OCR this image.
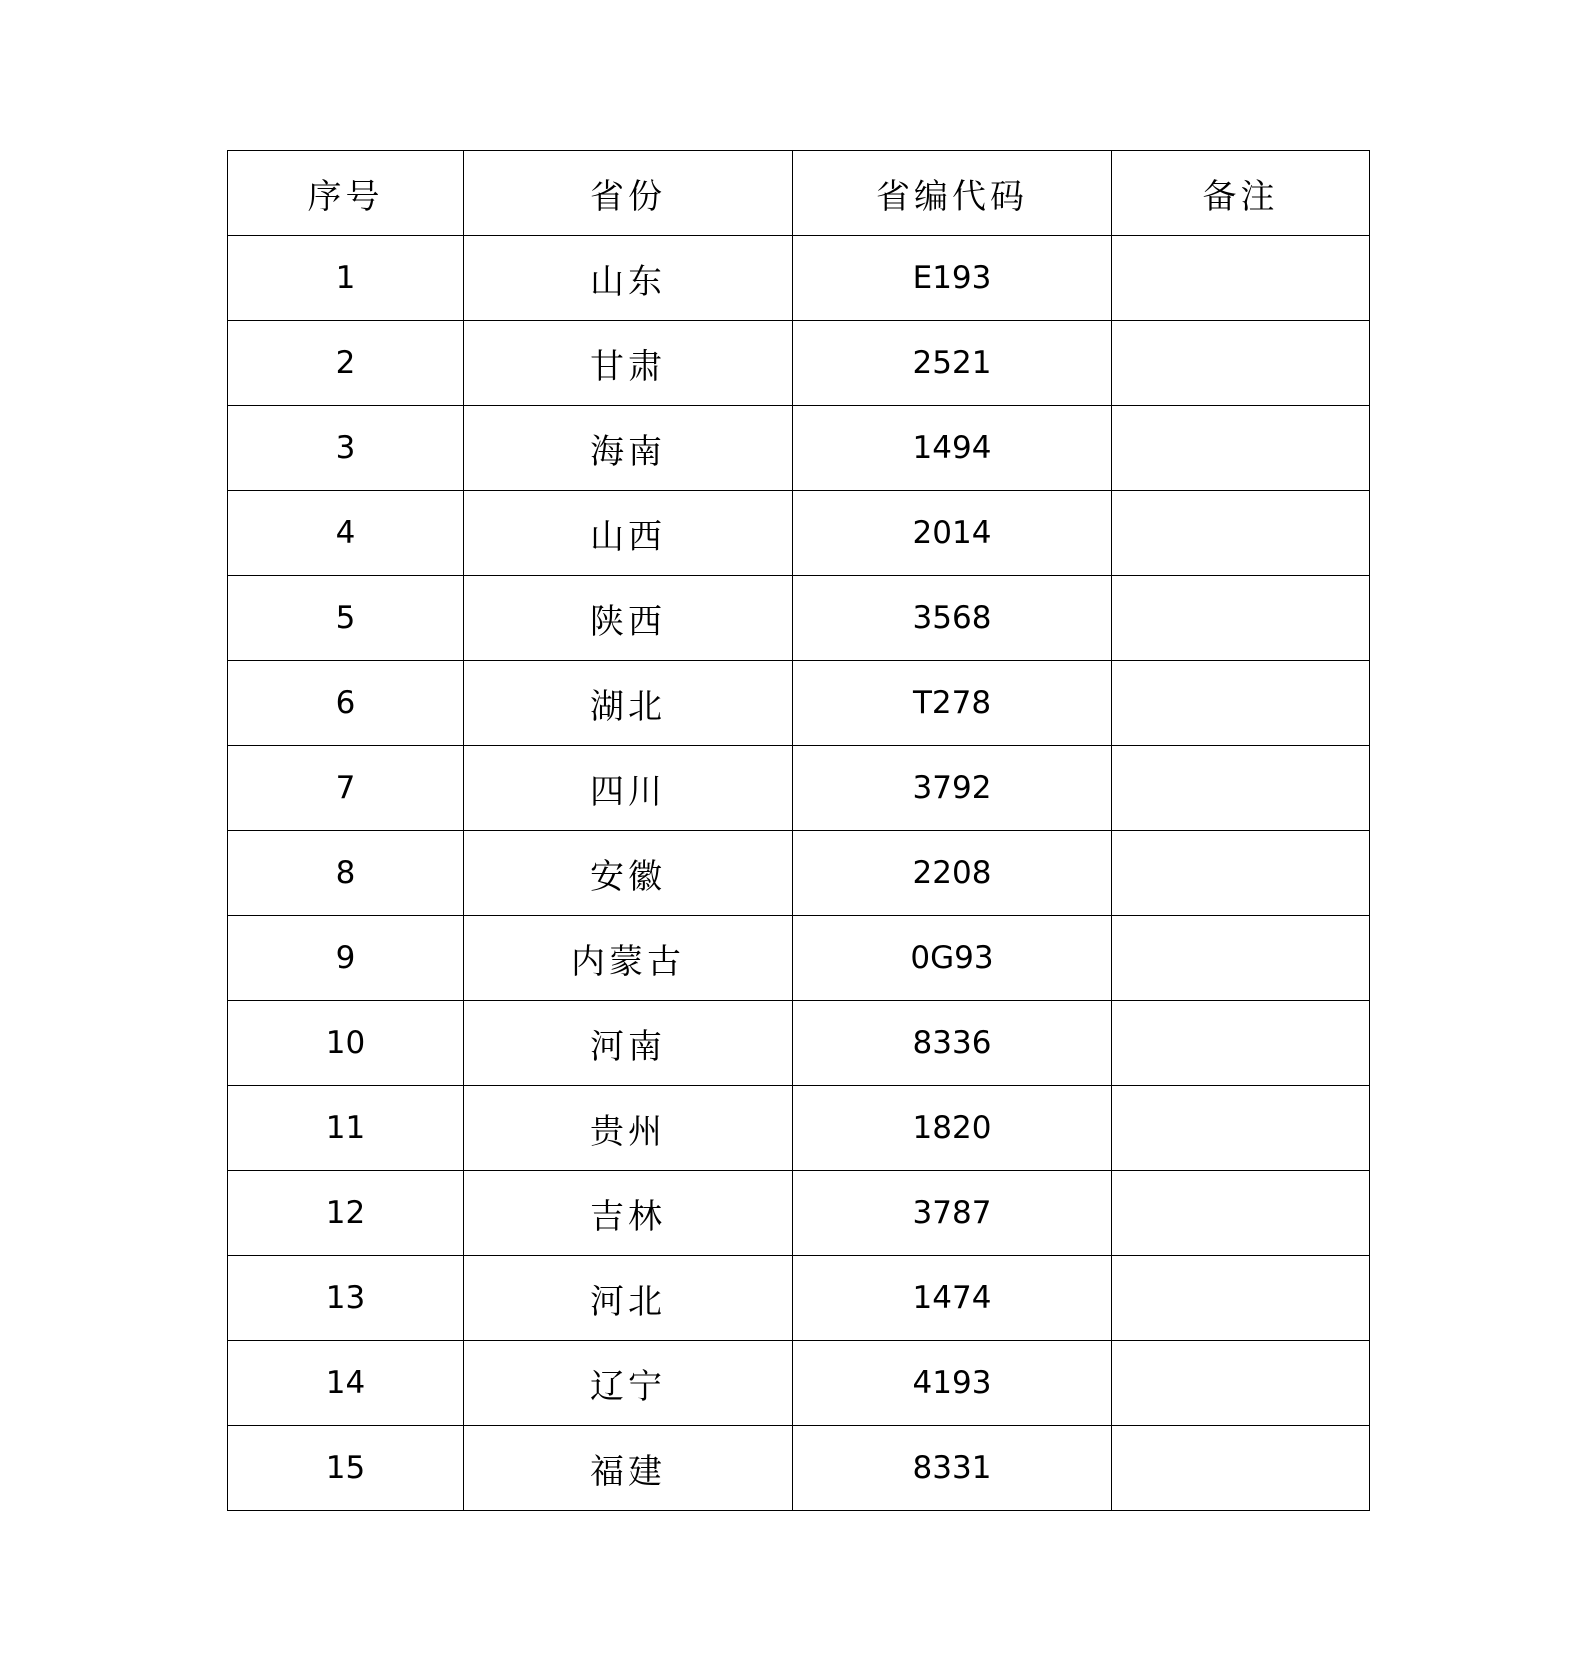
序号	省份	省编代码	备注
1	山东	E193	
2	甘肃	2521	
3	海南	1494	
4	山西	2014	
5	陕西	3568	
6	湖北	T278	
7	四川	3792	
8	安徽	2208	
9	内蒙古	0G93	
10	河南	8336	
11	贵州	1820	
12	吉林	3787	
13	河北	1474	
14	辽宁	4193	
15	福建	8331	
